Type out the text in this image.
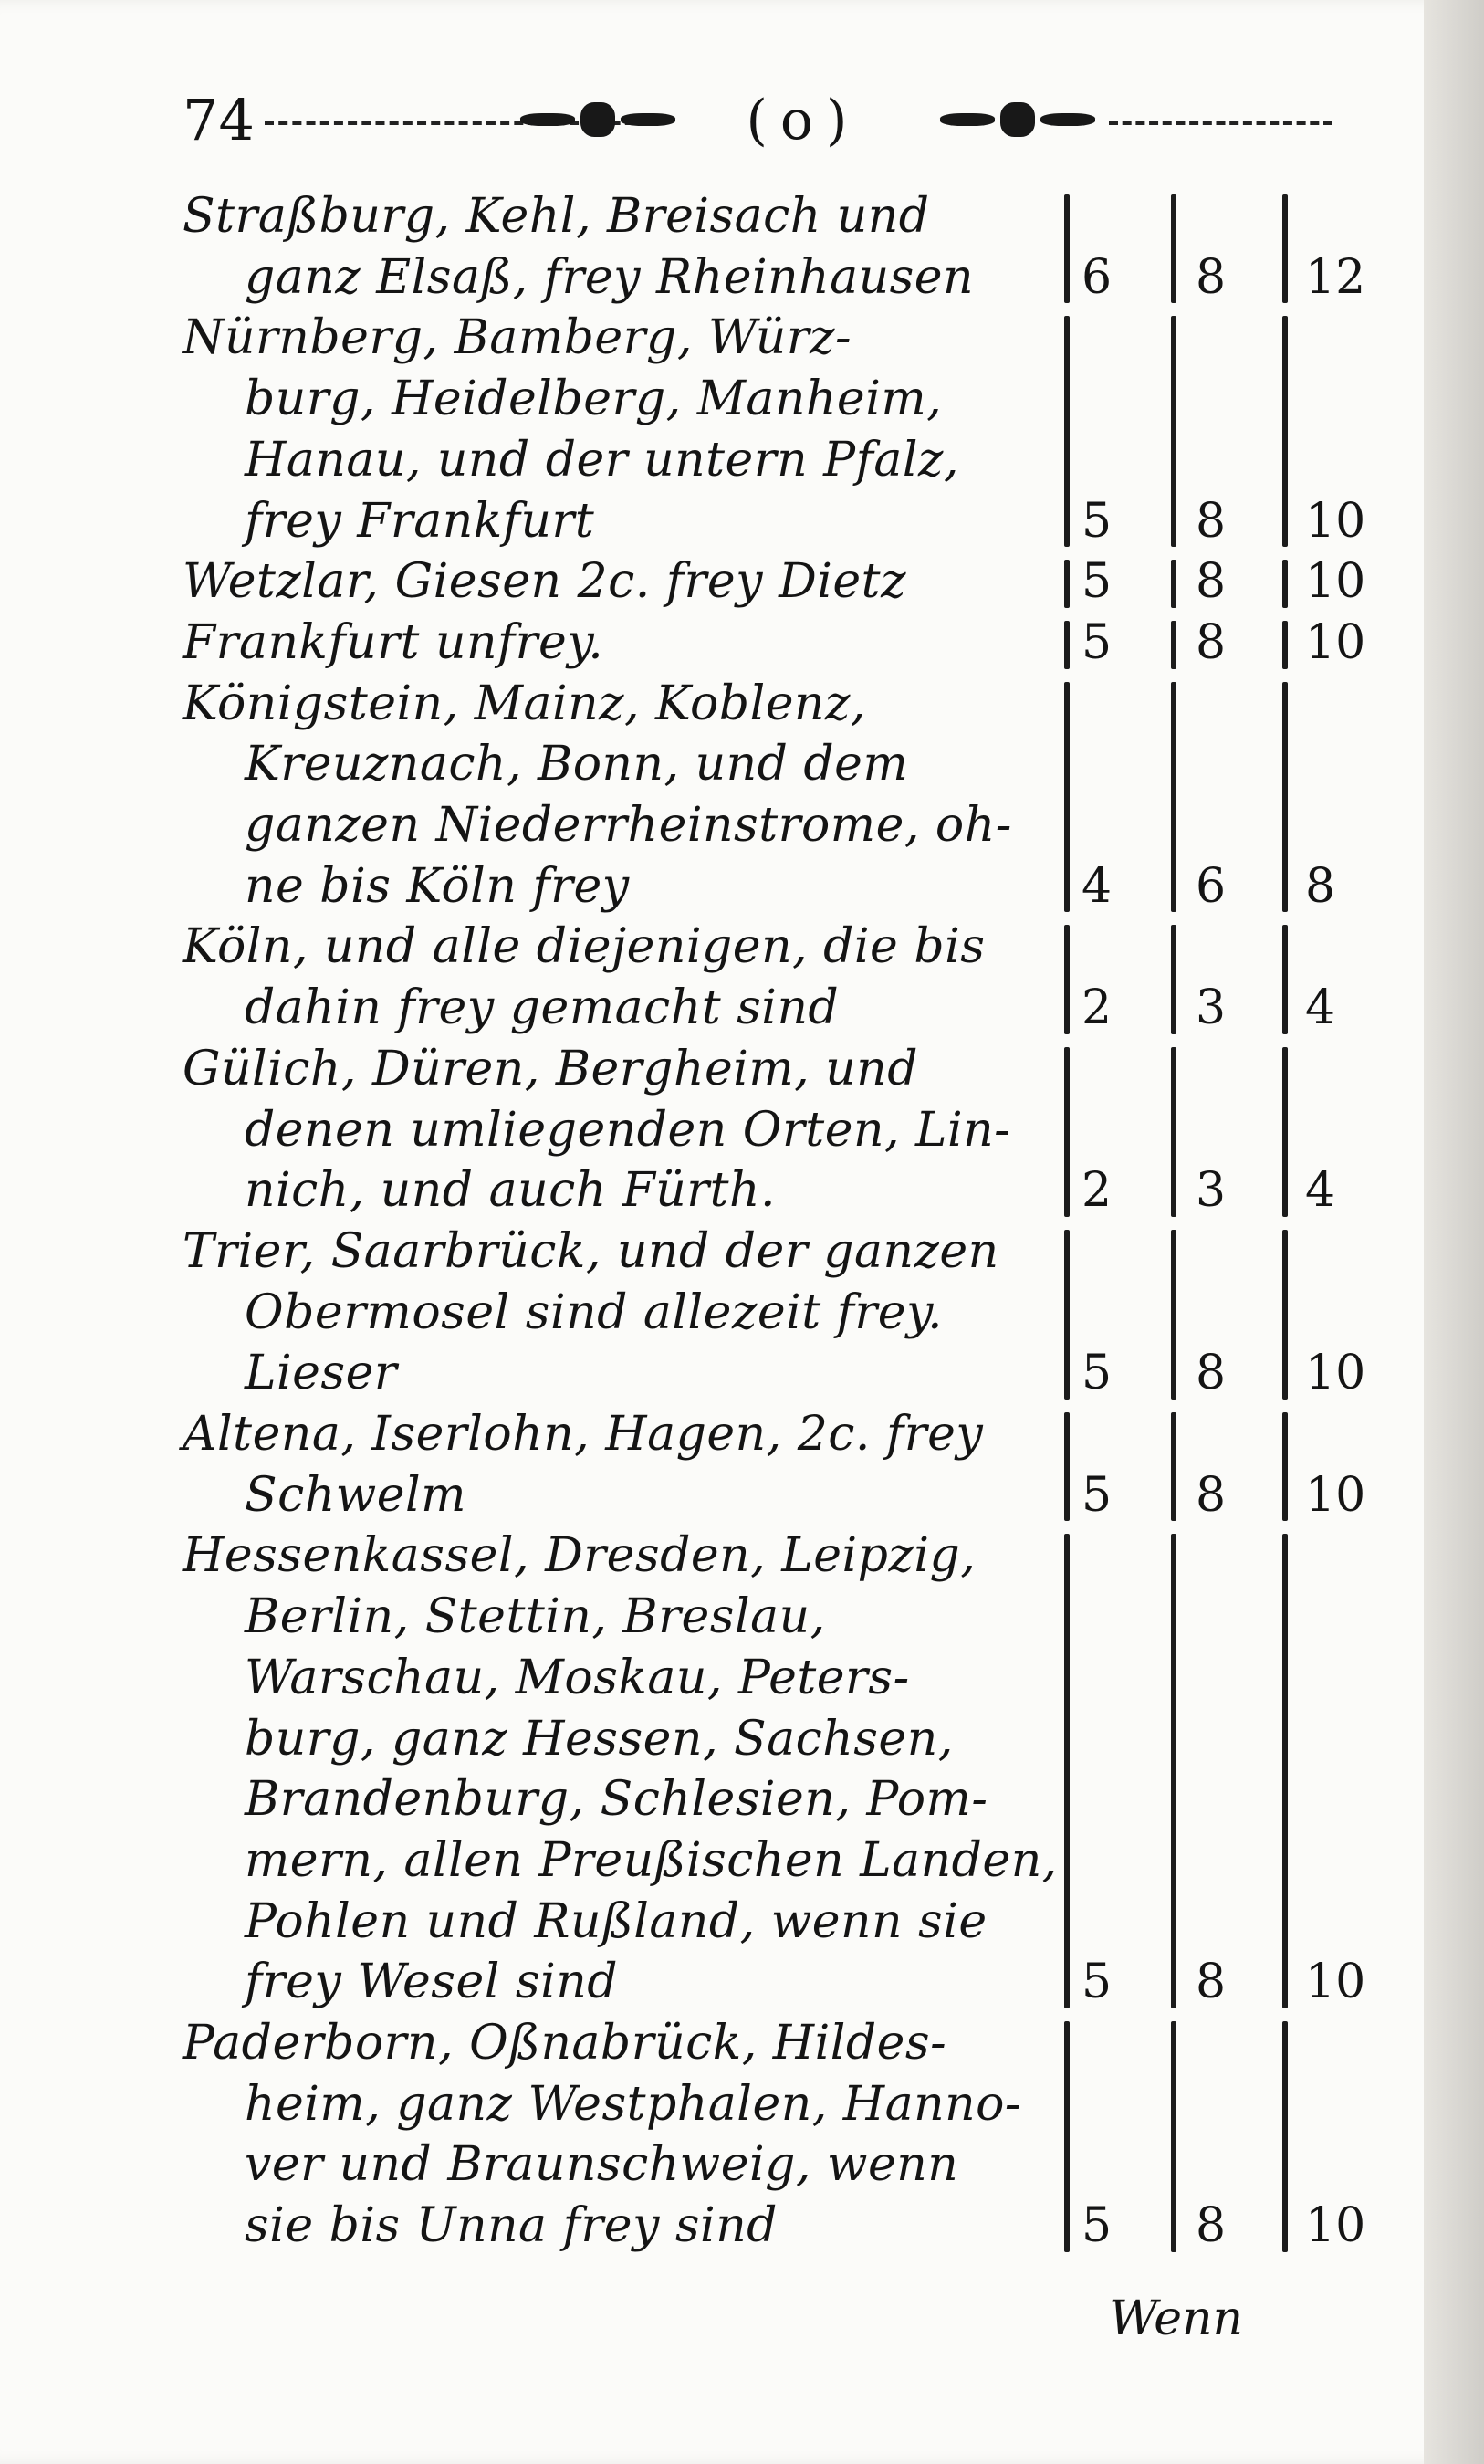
74	(o)
Straßburg, Kehl, Breisach und
ganz Elsaß, frey Rheinhausen 6	8	12
Nürnberg, Bamberg, Würz-
burg, Heidelberg, Manheim,
Hanau, und der untern Pfalz,
frey Frankfurt	5	8	10
Wetzlar, Giesen 2c. frey Dietz	5	8	10
Frankfurt unfrey.	5	8	10
Königstein, Mainz, Koblenz,
Kreuznach, Bonn, und dem
ganzen Niederrheinstrome, oh-
ne bis Köln frey	4	6	8
Köln, und alle diejenigen, die bis
dahin frey gemacht sind	2	3	4
Gülich, Düren, Bergheim, und
denen umliegenden Orten, Lin-
nich, und auch Fürth.	2	3	4
Trier, Saarbrück, und der ganzen
Obermosel sind allezeit frey.
Lieser	5	8	10
Altena, Iserlohn, Hagen, 2c. frey
Schwelm	5	8	10
Hessenkassel, Dresden, Leipzig,
Berlin, Stettin, Breslau,
Warschau, Moskau, Peters-
burg, ganz Hessen, Sachsen,
Brandenburg, Schlesien, Pom-
mern, allen Preußischen Landen,
Pohlen und Rußland, wenn sie
frey Wesel sind	5	8	10
Paderborn, Oßnabrück, Hildes-
heim, ganz Westphalen, Hanno-
ver und Braunschweig, wenn
sie bis Unna frey sind	5	8	10
Wenn
